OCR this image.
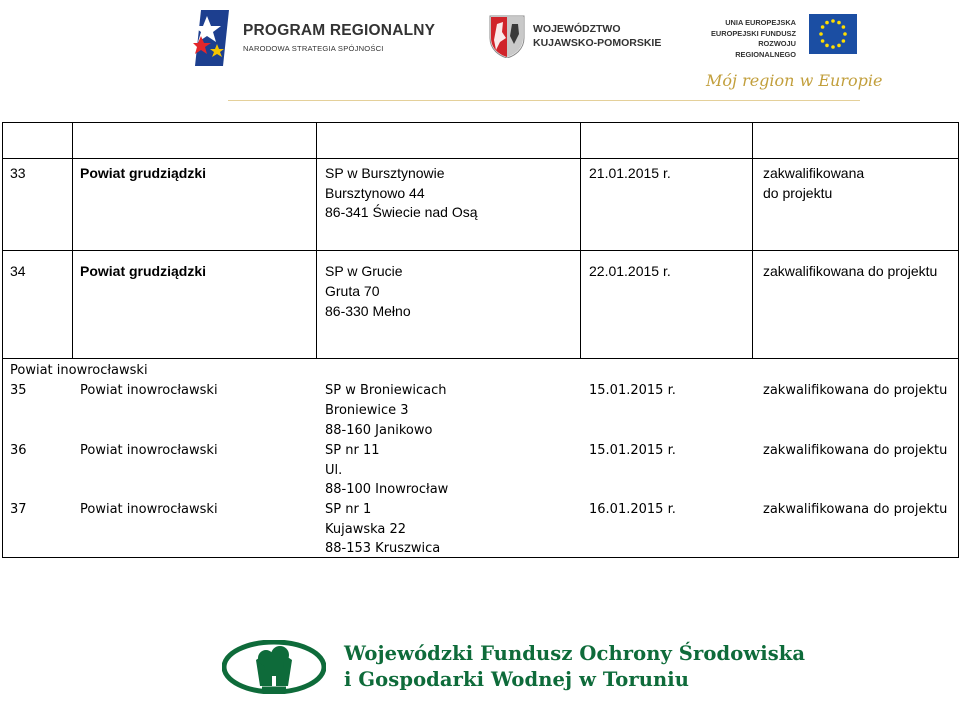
PROGRAM REGIONALNY
NARODOWA STRATEGIA SPÓJNOŚCI
WOJEWÓDZTWO
KUJAWSKO-POMORSKIE
UNIA EUROPEJSKA
EUROPEJSKI FUNDUSZ
ROZWOJU REGIONALNEGO
Mój region w Europie
33	Powiat grudziądzki	SP w Bursztynowie
Bursztynowo 44
86-341 Świecie nad Osą
21.01.2015 r.	zakwalifikowana
do projektu
34	Powiat grudziądzki	SP w Grucie
Gruta 70
86-330 Mełno
22.01.2015 r.	zakwalifikowana do projektu
Powiat inowrocławski
35	Powiat inowrocławski	SP w Broniewicach
Broniewice 3
88-160 Janikowo
15.01.2015 r.	zakwalifikowana do projektu
36	Powiat inowrocławski	SP nr 11
Ul.
88-100 Inowrocław
15.01.2015 r.	zakwalifikowana do projektu
37	Powiat inowrocławski	SP nr 1
Kujawska 22
88-153 Kruszwica
16.01.2015 r.	zakwalifikowana do projektu
Wojewódzki Fundusz Ochrony Środowiska
i Gospodarki Wodnej w Toruniu
